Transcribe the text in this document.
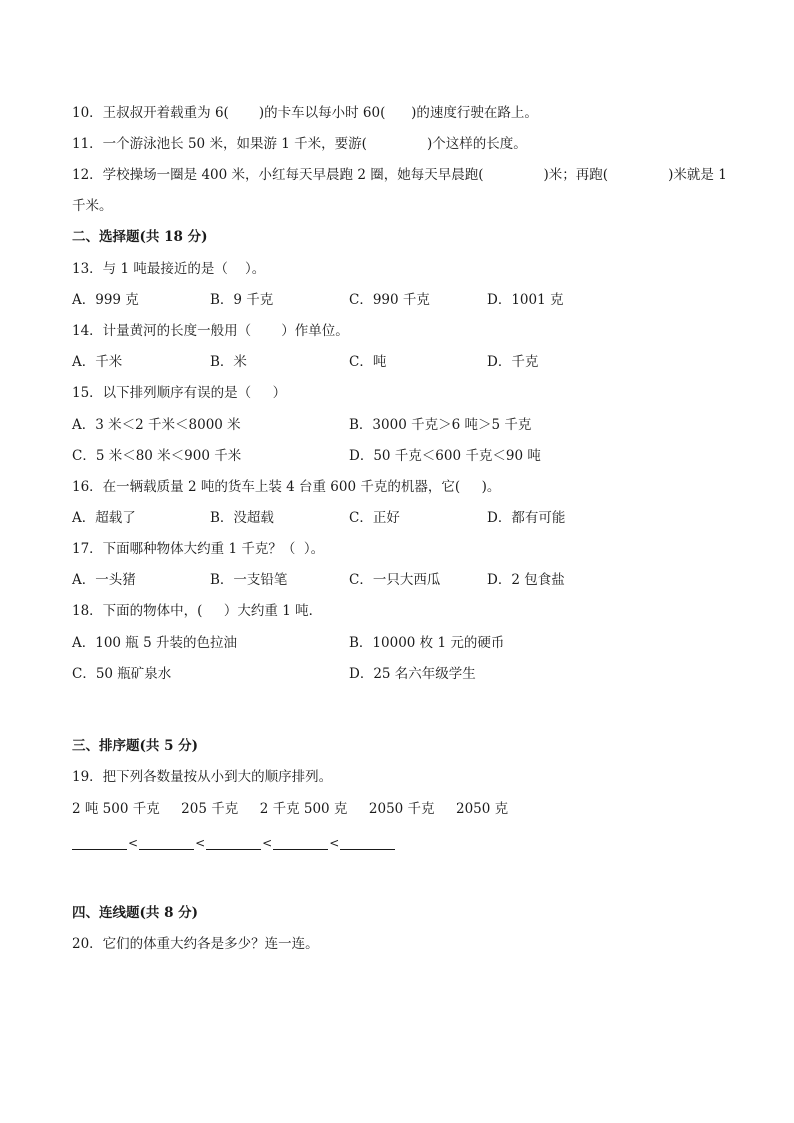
10．王叔叔开着载重为 6(       )的卡车以每小时 60(      )的速度行驶在路上。
11．一个游泳池长 50 米，如果游 1 千米，要游(              )个这样的长度。
12．学校操场一圈是 400 米，小红每天早晨跑 2 圈，她每天早晨跑(              )米；再跑(              )米就是 1
千米。
二、选择题(共 18 分)
13．与 1 吨最接近的是（    ）。
A．999 克	B．9 千克	C．990 千克	D．1001 克
14．计量黄河的长度一般用（       ）作单位。
A．千米	B．米	C．吨	D．千克
15．以下排列顺序有误的是（     ）
A．3 米＜2 千米＜8000 米	B．3000 千克＞6 吨＞5 千克
C．5 米＜80 米＜900 千米	D．50 千克＜600 千克＜90 吨
16．在一辆载质量 2 吨的货车上装 4 台重 600 千克的机器，它(     )。
A．超载了	B．没超载	C．正好	D．都有可能
17．下面哪种物体大约重 1 千克？（  ）。
A．一头猪	B．一支铅笔	C．一只大西瓜	D．2 包食盐
18．下面的物体中，(     ）大约重 1 吨．
A．100 瓶 5 升装的色拉油	B．10000 枚 1 元的硬币
C．50 瓶矿泉水	D．25 名六年级学生
三、排序题(共 5 分)
19．把下列各数量按从小到大的顺序排列。
2 吨 500 千克     205 千克     2 千克 500 克     2050 千克     2050 克
<	<	<	<
四、连线题(共 8 分)
20．它们的体重大约各是多少？连一连。
